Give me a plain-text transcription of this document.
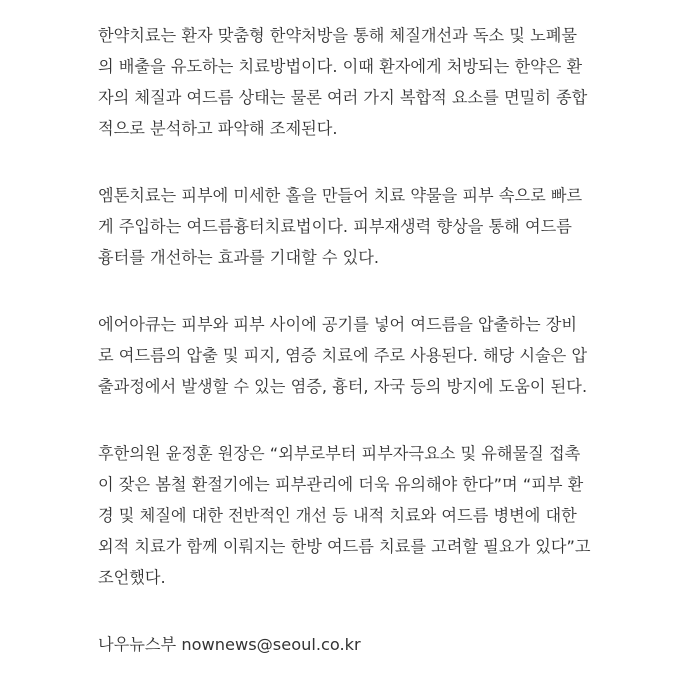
한약치료는 환자 맞춤형 한약처방을 통해 체질개선과 독소 및 노폐물
의 배출을 유도하는 치료방법이다. 이때 환자에게 처방되는 한약은 환
자의 체질과 여드름 상태는 물론 여러 가지 복합적 요소를 면밀히 종합
적으로 분석하고 파악해 조제된다.
엠톤치료는 피부에 미세한 홀을 만들어 치료 약물을 피부 속으로 빠르
게 주입하는 여드름흉터치료법이다. 피부재생력 향상을 통해 여드름
흉터를 개선하는 효과를 기대할 수 있다.
에어아큐는 피부와 피부 사이에 공기를 넣어 여드름을 압출하는 장비
로 여드름의 압출 및 피지, 염증 치료에 주로 사용된다. 해당 시술은 압
출과정에서 발생할 수 있는 염증, 흉터, 자국 등의 방지에 도움이 된다.
후한의원 윤정훈 원장은 “외부로부터 피부자극요소 및 유해물질 접촉
이 잦은 봄철 환절기에는 피부관리에 더욱 유의해야 한다”며 “피부 환
경 및 체질에 대한 전반적인 개선 등 내적 치료와 여드름 병변에 대한
외적 치료가 함께 이뤄지는 한방 여드름 치료를 고려할 필요가 있다”고
조언했다.
나우뉴스부 nownews@seoul.co.kr
